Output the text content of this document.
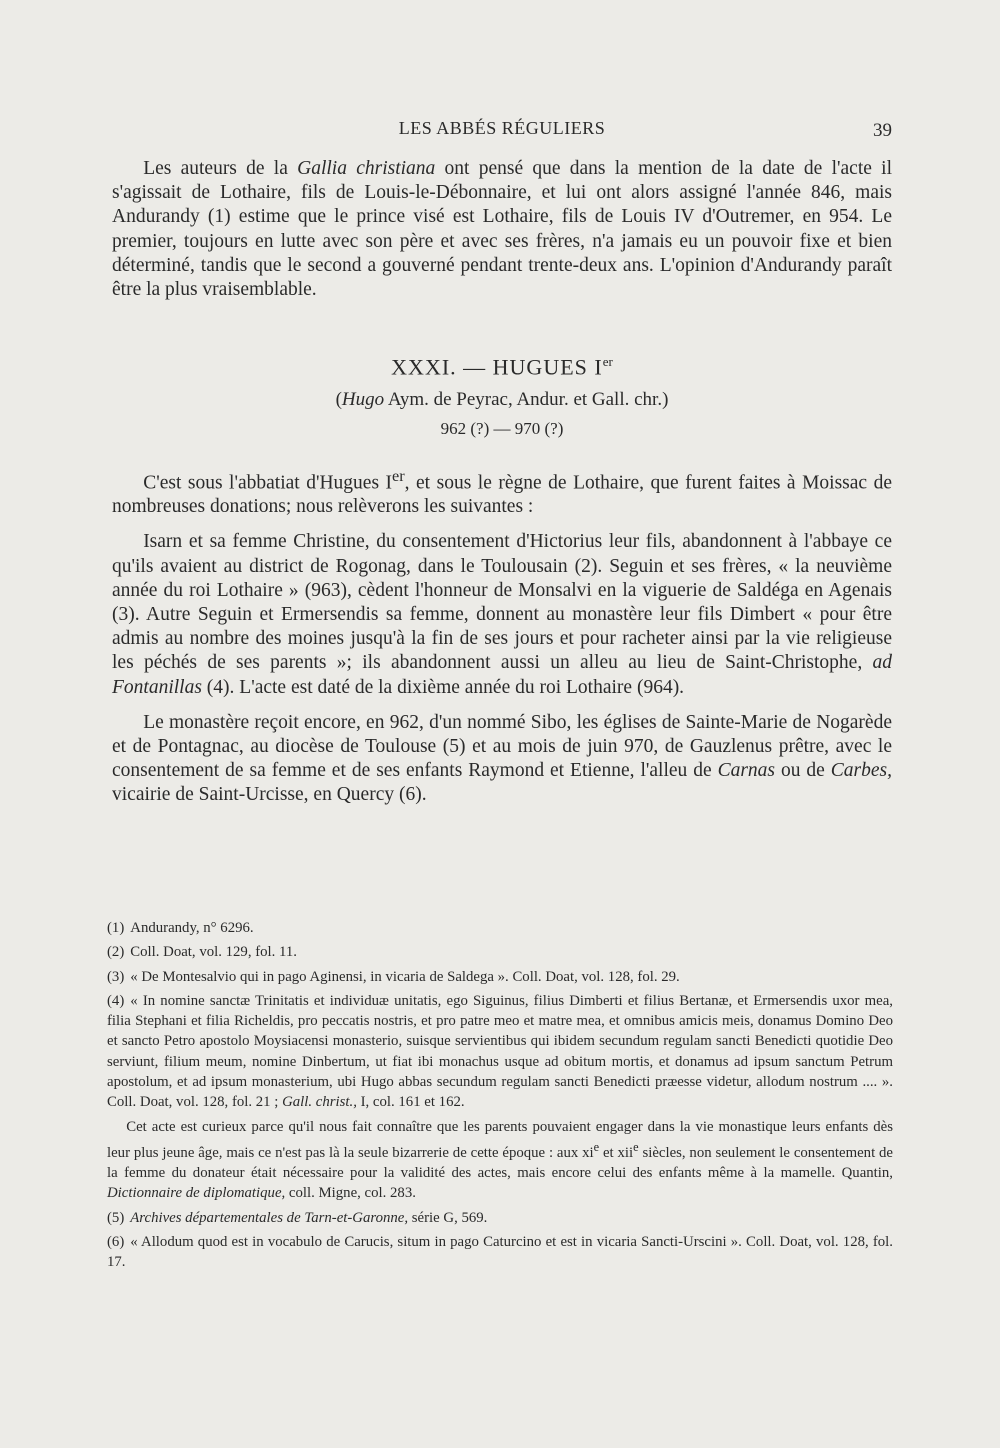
LES ABBÉS RÉGULIERS	39

Les auteurs de la Gallia christiana ont pensé que dans la mention de la date de l'acte il s'agissait de Lothaire, fils de Louis-le-Débonnaire, et lui ont alors assigné l'année 846, mais Andurandy (1) estime que le prince visé est Lothaire, fils de Louis IV d'Outremer, en 954. Le premier, toujours en lutte avec son père et avec ses frères, n'a jamais eu un pouvoir fixe et bien déterminé, tandis que le second a gouverné pendant trente-deux ans. L'opinion d'Andurandy paraît être la plus vraisemblable.

XXXI. — HUGUES Ier
(Hugo Aym. de Peyrac, Andur. et Gall. chr.)
962 (?) — 970 (?)

C'est sous l'abbatiat d'Hugues Ier, et sous le règne de Lothaire, que furent faites à Moissac de nombreuses donations; nous relèverons les suivantes :

Isarn et sa femme Christine, du consentement d'Hictorius leur fils, abandonnent à l'abbaye ce qu'ils avaient au district de Rogonag, dans le Toulousain (2). Seguin et ses frères, « la neuvième année du roi Lothaire » (963), cèdent l'honneur de Monsalvi en la viguerie de Saldéga en Agenais (3). Autre Seguin et Ermersendis sa femme, donnent au monastère leur fils Dimbert « pour être admis au nombre des moines jusqu'à la fin de ses jours et pour racheter ainsi par la vie religieuse les péchés de ses parents »; ils abandonnent aussi un alleu au lieu de Saint-Christophe, ad Fontanillas (4). L'acte est daté de la dixième année du roi Lothaire (964).

Le monastère reçoit encore, en 962, d'un nommé Sibo, les églises de Sainte-Marie de Nogarède et de Pontagnac, au diocèse de Toulouse (5) et au mois de juin 970, de Gauzlenus prêtre, avec le consentement de sa femme et de ses enfants Raymond et Etienne, l'alleu de Carnas ou de Carbes, vicairie de Saint-Urcisse, en Quercy (6).

(1) Andurandy, n° 6296.

(2) Coll. Doat, vol. 129, fol. 11.

(3) « De Montesalvio qui in pago Aginensi, in vicaria de Saldega ». Coll. Doat, vol. 128, fol. 29.

(4) « In nomine sanctæ Trinitatis et individuæ unitatis, ego Siguinus, filius Dimberti et filius Bertanæ, et Ermersendis uxor mea, filia Stephani et filia Richeldis, pro peccatis nostris, et pro patre meo et matre mea, et omnibus amicis meis, donamus Domino Deo et sancto Petro apostolo Moysiacensi monasterio, suisque servientibus qui ibidem secundum regulam sancti Benedicti quotidie Deo serviunt, filium meum, nomine Dinbertum, ut fiat ibi monachus usque ad obitum mortis, et donamus ad ipsum sanctum Petrum apostolum, et ad ipsum monasterium, ubi Hugo abbas secundum regulam sancti Benedicti præesse videtur, allodum nostrum .... ». Coll. Doat, vol. 128, fol. 21 ; Gall. christ., I, col. 161 et 162.

Cet acte est curieux parce qu'il nous fait connaître que les parents pouvaient engager dans la vie monastique leurs enfants dès leur plus jeune âge, mais ce n'est pas là la seule bizarrerie de cette époque : aux $xi^e$ et xii$^e$ siècles, non seulement le consentement de la femme du donateur était nécessaire pour la validité des actes, mais encore celui des enfants même à la mamelle. Quantin, Dictionnaire de diplomatique, coll. Migne, col. 283.

(5) Archives départementales de Tarn-et-Garonne, série G, 569.

(6) « Allodum quod est in vocabulo de Carucis, situm in pago Caturcino et est in vicaria Sancti-Urscini ». Coll. Doat, vol. 128, fol. 17.
